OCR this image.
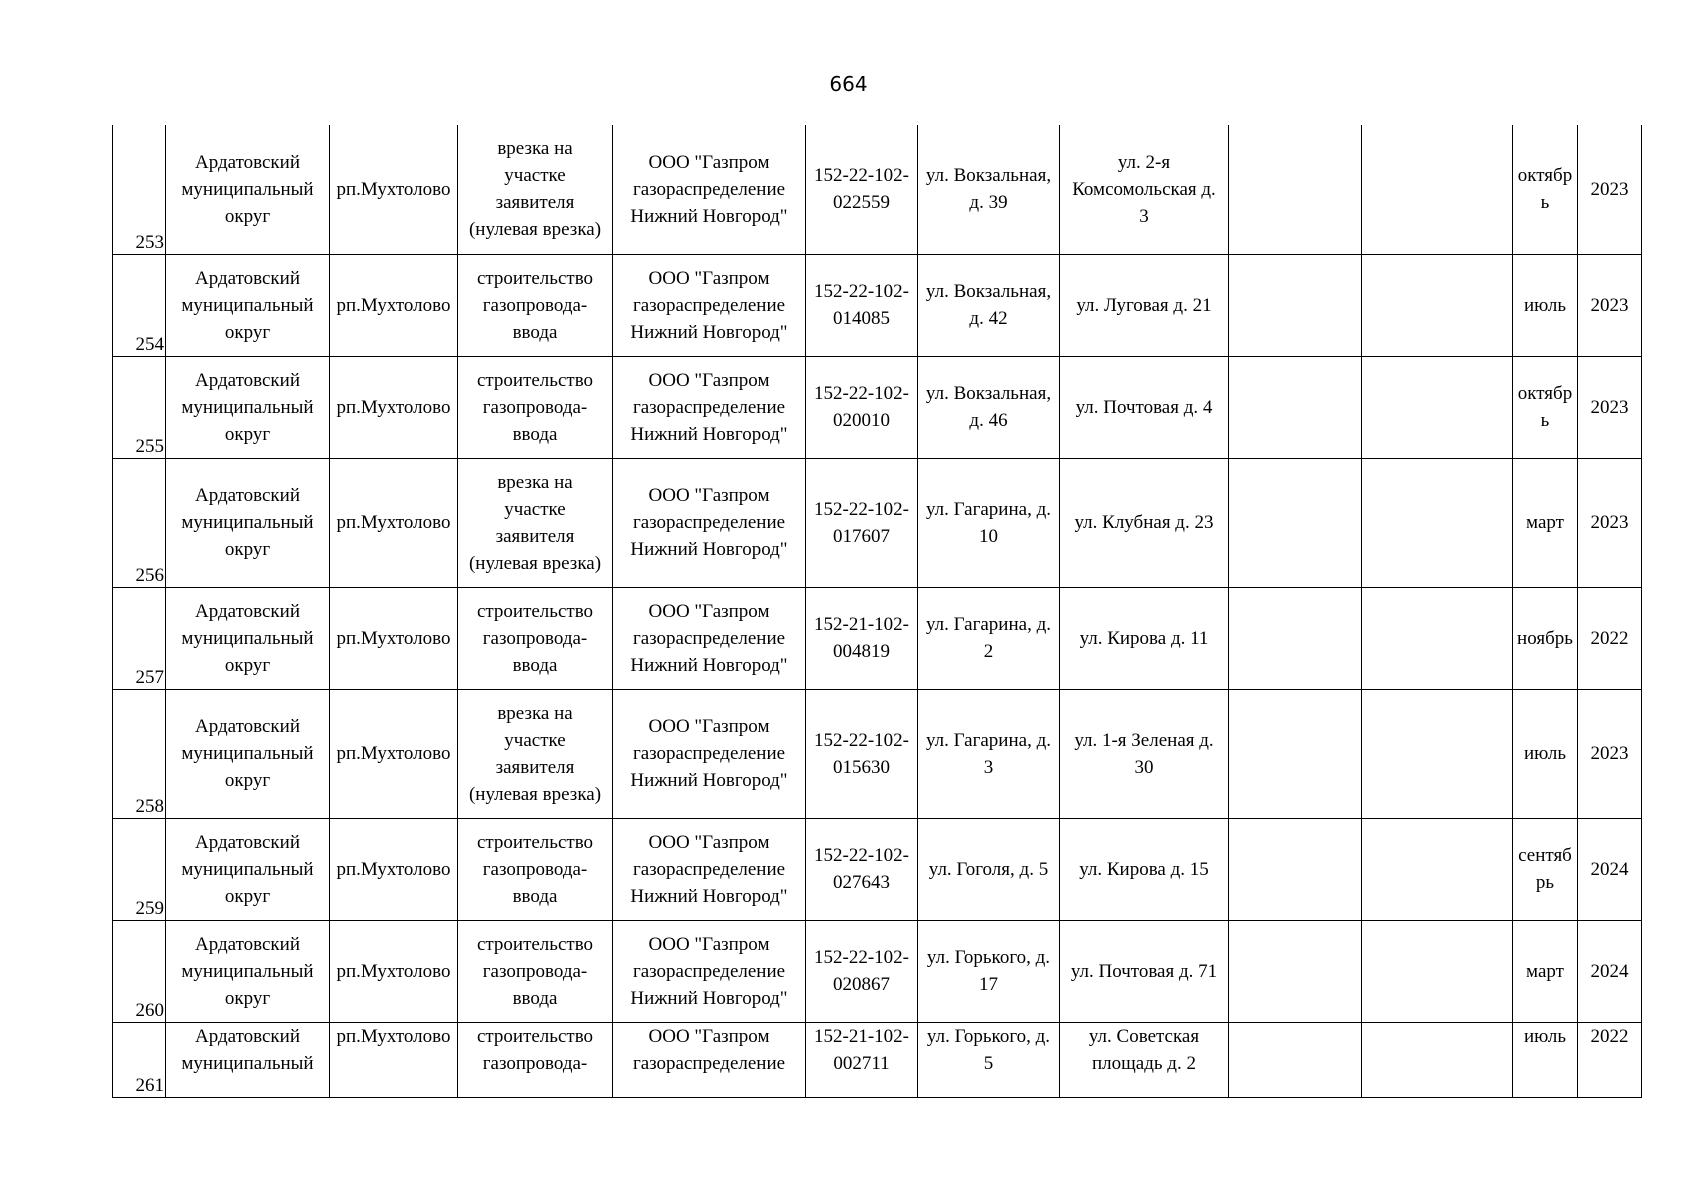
664
253	Ардатовский
муниципальный
округ	рп.Мухтолово	врезка на
участке
заявителя
(нулевая врезка)	ООО "Газпром
газораспределение
Нижний Новгород"	152-22-102-
022559	ул. Вокзальная,
д. 39	ул. 2-я
Комсомольская д.
3			октябр
ь	2023

254	Ардатовский
муниципальный
округ	рп.Мухтолово	строительство
газопровода-
ввода	ООО "Газпром
газораспределение
Нижний Новгород"	152-22-102-
014085	ул. Вокзальная,
д. 42	ул. Луговая д. 21			июль	2023

255	Ардатовский
муниципальный
округ	рп.Мухтолово	строительство
газопровода-
ввода	ООО "Газпром
газораспределение
Нижний Новгород"	152-22-102-
020010	ул. Вокзальная,
д. 46	ул. Почтовая д. 4			октябр
ь	2023

256	Ардатовский
муниципальный
округ	рп.Мухтолово	врезка на
участке
заявителя
(нулевая врезка)	ООО "Газпром
газораспределение
Нижний Новгород"	152-22-102-
017607	ул. Гагарина, д.
10	ул. Клубная д. 23			март	2023

257	Ардатовский
муниципальный
округ	рп.Мухтолово	строительство
газопровода-
ввода	ООО "Газпром
газораспределение
Нижний Новгород"	152-21-102-
004819	ул. Гагарина, д.
2	ул. Кирова д. 11			ноябрь	2022

258	Ардатовский
муниципальный
округ	рп.Мухтолово	врезка на
участке
заявителя
(нулевая врезка)	ООО "Газпром
газораспределение
Нижний Новгород"	152-22-102-
015630	ул. Гагарина, д.
3	ул. 1-я Зеленая д.
30			июль	2023

259	Ардатовский
муниципальный
округ	рп.Мухтолово	строительство
газопровода-
ввода	ООО "Газпром
газораспределение
Нижний Новгород"	152-22-102-
027643	ул. Гоголя, д. 5	ул. Кирова д. 15			сентяб
рь	2024

260	Ардатовский
муниципальный
округ	рп.Мухтолово	строительство
газопровода-
ввода	ООО "Газпром
газораспределение
Нижний Новгород"	152-22-102-
020867	ул. Горького, д.
17	ул. Почтовая д. 71			март	2024

261	Ардатовский
муниципальный	рп.Мухтолово	строительство
газопровода-	ООО "Газпром
газораспределение	152-21-102-
002711	ул. Горького, д.
5	ул. Советская
площадь д. 2			июль	2022
